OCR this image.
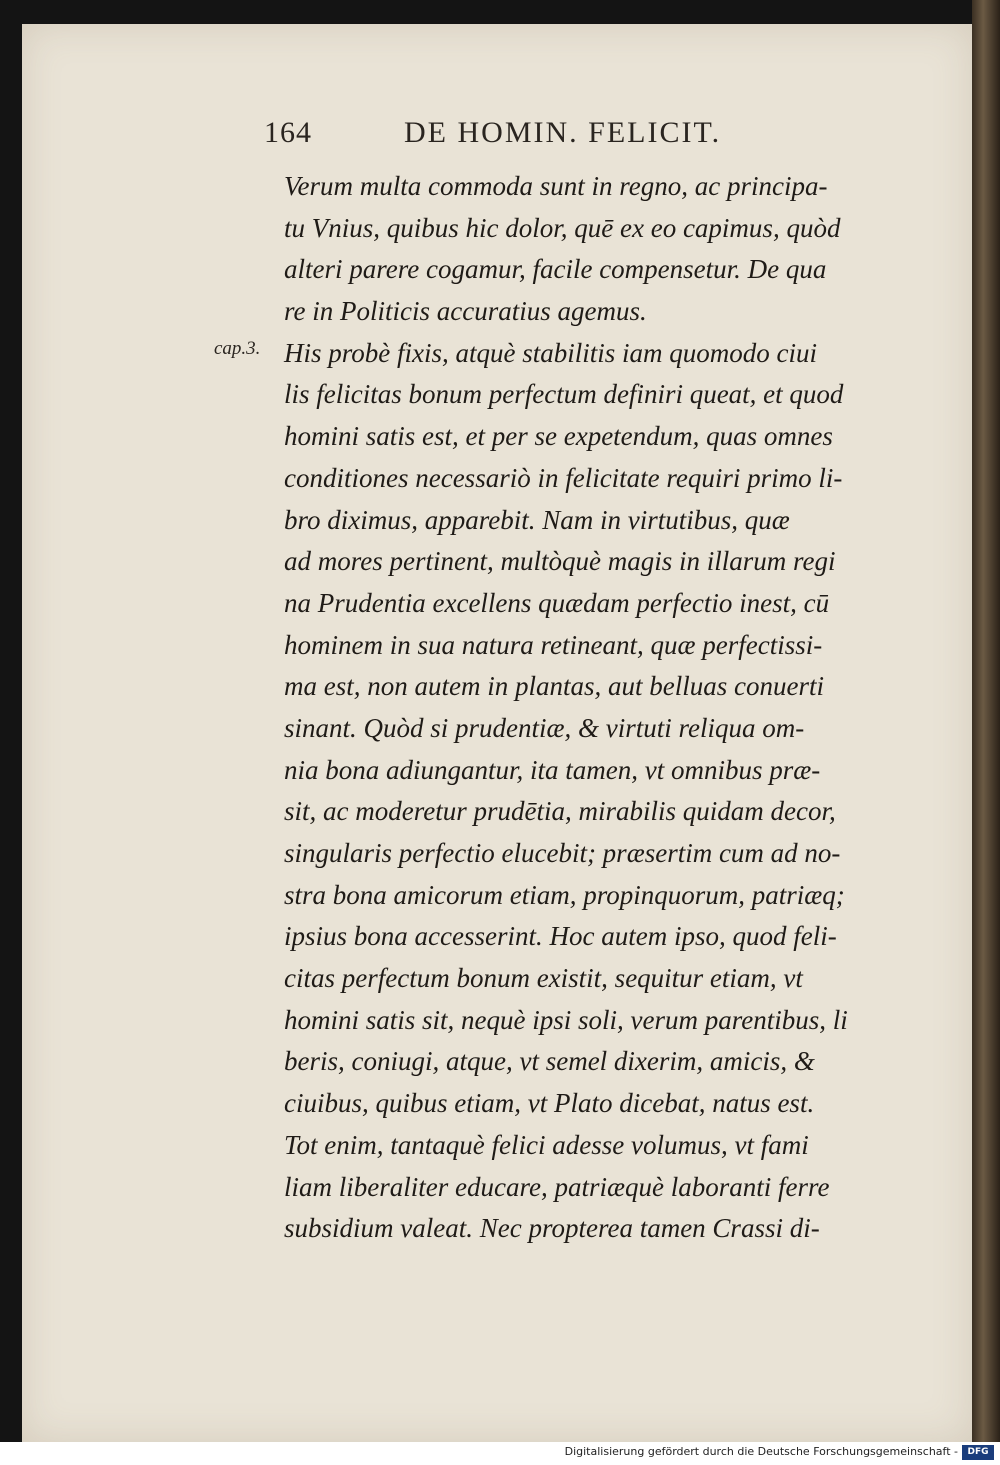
164	DE HOMIN. FELICIT.
cap.3.
Verum multa commoda sunt in regno, ac principa-
tu Vnius, quibus hic dolor, quē ex eo capimus, quòd
alteri parere cogamur, facile compensetur. De qua
re in Politicis accuratius agemus.
His probè fixis, atquè stabilitis iam quomodo ciui
lis felicitas bonum perfectum definiri queat, et quod
homini satis est, et per se expetendum, quas omnes
conditiones necessariò in felicitate requiri primo li-
bro diximus, apparebit. Nam in virtutibus, quæ
ad mores pertinent, multòquè magis in illarum regi
na Prudentia excellens quædam perfectio inest, cū
hominem in sua natura retineant, quæ perfectissi-
ma est, non autem in plantas, aut belluas conuerti
sinant. Quòd si prudentiæ, & virtuti reliqua om-
nia bona adiungantur, ita tamen, vt omnibus præ-
sit, ac moderetur prudētia, mirabilis quidam decor,
singularis perfectio elucebit; præsertim cum ad no-
stra bona amicorum etiam, propinquorum, patriæq;
ipsius bona accesserint. Hoc autem ipso, quod feli-
citas perfectum bonum existit, sequitur etiam, vt
homini satis sit, nequè ipsi soli, verum parentibus, li
beris, coniugi, atque, vt semel dixerim, amicis, &
ciuibus, quibus etiam, vt Plato dicebat, natus est.
Tot enim, tantaquè felici adesse volumus, vt fami
liam liberaliter educare, patriæquè laboranti ferre
subsidium valeat. Nec propterea tamen Crassi di-
Digitalisierung gefördert durch die Deutsche Forschungsgemeinschaft -	DFG
